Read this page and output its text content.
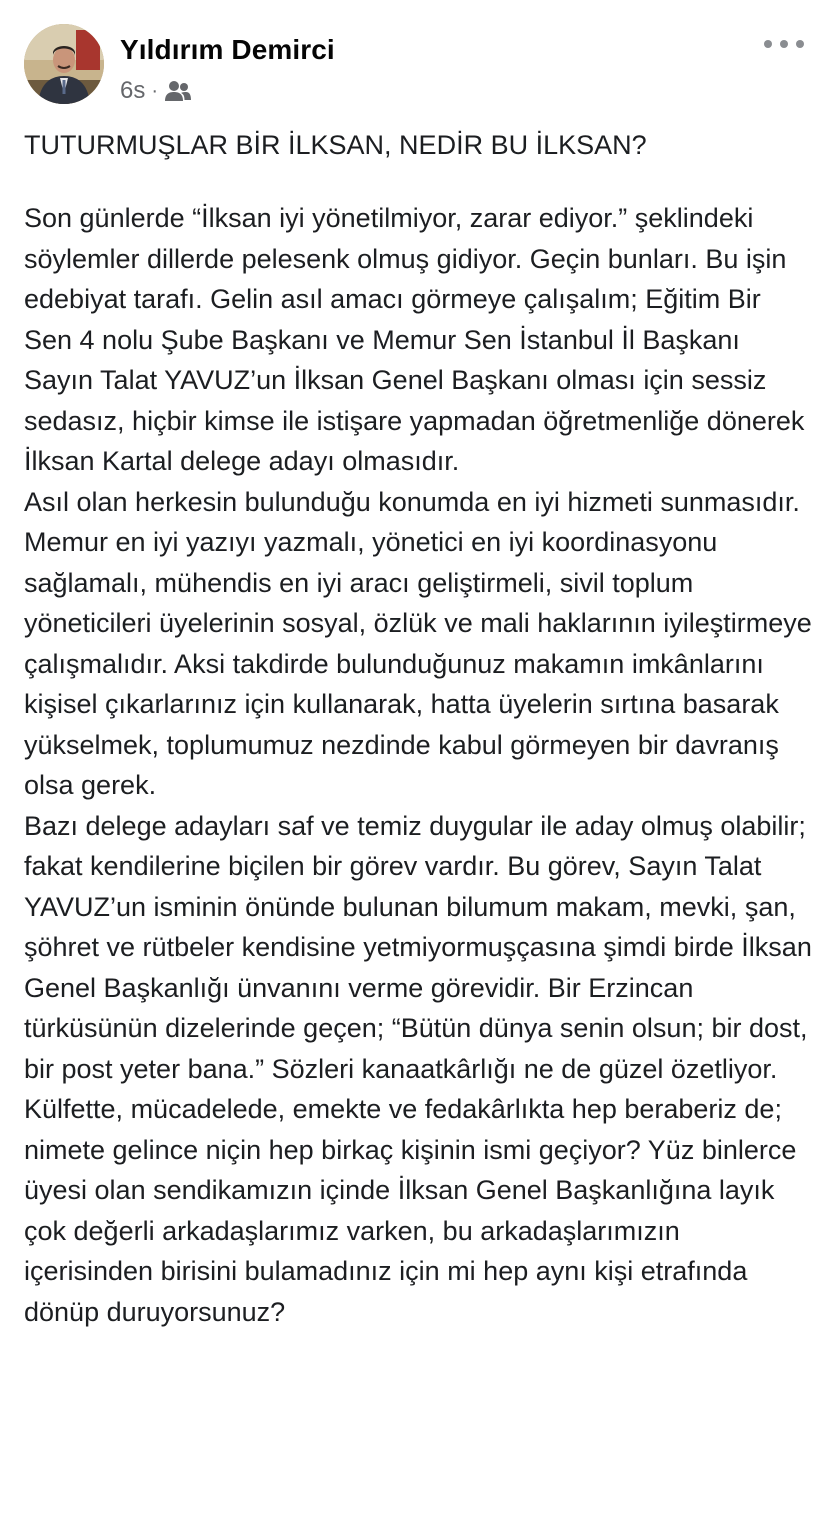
Yıldırım Demirci
6s ·
TUTURMUŞLAR BİR İLKSAN, NEDİR BU İLKSAN?

Son günlerde “İlksan iyi yönetilmiyor, zarar ediyor.” şeklindeki söylemler dillerde pelesenk olmuş gidiyor. Geçin bunları. Bu işin edebiyat tarafı. Gelin asıl amacı görmeye çalışalım; Eğitim Bir Sen 4 nolu Şube Başkanı ve Memur Sen İstanbul İl Başkanı Sayın Talat YAVUZ’un İlksan Genel Başkanı olması için sessiz sedasız, hiçbir kimse ile istişare yapmadan öğretmenliğe dönerek İlksan Kartal delege adayı olmasıdır.

Asıl olan herkesin bulunduğu konumda en iyi hizmeti sunmasıdır. Memur en iyi yazıyı yazmalı, yönetici en iyi koordinasyonu sağlamalı, mühendis en iyi aracı geliştirmeli, sivil toplum yöneticileri üyelerinin sosyal, özlük ve mali haklarının iyileştirmeye çalışmalıdır. Aksi takdirde bulunduğunuz makamın imkânlarını kişisel çıkarlarınız için kullanarak, hatta üyelerin sırtına basarak yükselmek, toplumumuz nezdinde kabul görmeyen bir davranış olsa gerek.

Bazı delege adayları saf ve temiz duygular ile aday olmuş olabilir; fakat kendilerine biçilen bir görev vardır. Bu görev, Sayın Talat YAVUZ’un isminin önünde bulunan bilumum makam, mevki, şan, şöhret ve rütbeler kendisine yetmiyormuşçasına şimdi birde İlksan Genel Başkanlığı ünvanını verme görevidir. Bir Erzincan türküsünün dizelerinde geçen; “Bütün dünya senin olsun; bir dost, bir post yeter bana.” Sözleri kanaatkârlığı ne de güzel özetliyor.

Külfette, mücadelede, emekte ve fedakârlıkta hep beraberiz de; nimete gelince niçin hep birkaç kişinin ismi geçiyor? Yüz binlerce üyesi olan sendikamızın içinde İlksan Genel Başkanlığına layık çok değerli arkadaşlarımız varken, bu arkadaşlarımızın içerisinden birisini bulamadınız için mi hep aynı kişi etrafında dönüp duruyorsunuz?
